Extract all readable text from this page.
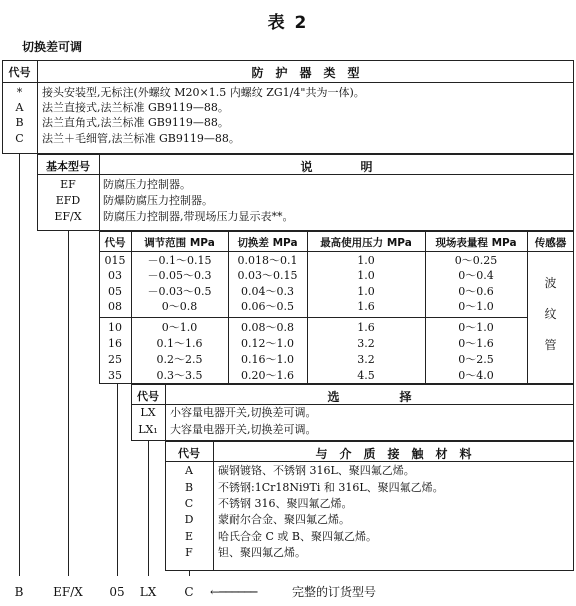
表 2
切换差可调
代号	防　护　器　类　型
*	接头安装型,无标注(外螺纹 M20×1.5 内螺纹 ZG1/4"共为一体)。
A	法兰直接式,法兰标准 GB9119—88。
B	法兰直角式,法兰标准 GB9119—88。
C	法兰＋毛细管,法兰标准 GB9119—88。
基本型号	说　　　　明
EF	防腐压力控制器。
EFD	防爆防腐压力控制器。
EF/X	防腐压力控制器,带现场压力显示表**。
代号	调节范围 MPa	切换差 MPa	最高使用压力 MPa	现场表量程 MPa	传感器
015	－0.1～0.15	0.018～0.1	1.0	0～0.25
03	－0.05～0.3	0.03～0.15	1.0	0～0.4
05	－0.03～0.5	0.04～0.3	1.0	0～0.6
08	0～0.8	0.06～0.5	1.6	0～1.0
10	0～1.0	0.08～0.8	1.6	0～1.0
16	0.1～1.6	0.12～1.0	3.2	0～1.6
25	0.2～2.5	0.16～1.0	3.2	0～2.5
35	0.3～3.5	0.20～1.6	4.5	0～4.0
波
纹
管
代号	选　　　　　择
LX	小容量电器开关,切换差可调。
LX₁	大容量电器开关,切换差可调。
代号	与　介　质　接　触　材　料
A	碳钢镀铬、不锈钢 316L、聚四氟乙烯。
B	不锈钢:1Cr18Ni9Ti 和 316L、聚四氟乙烯。
C	不锈钢 316、聚四氟乙烯。
D	蒙耐尔合金、聚四氟乙烯。
E	哈氏合金 C 或 B、聚四氟乙烯。
F	钽、聚四氟乙烯。
B	EF/X	05	LX	C	←──────	完整的订货型号
